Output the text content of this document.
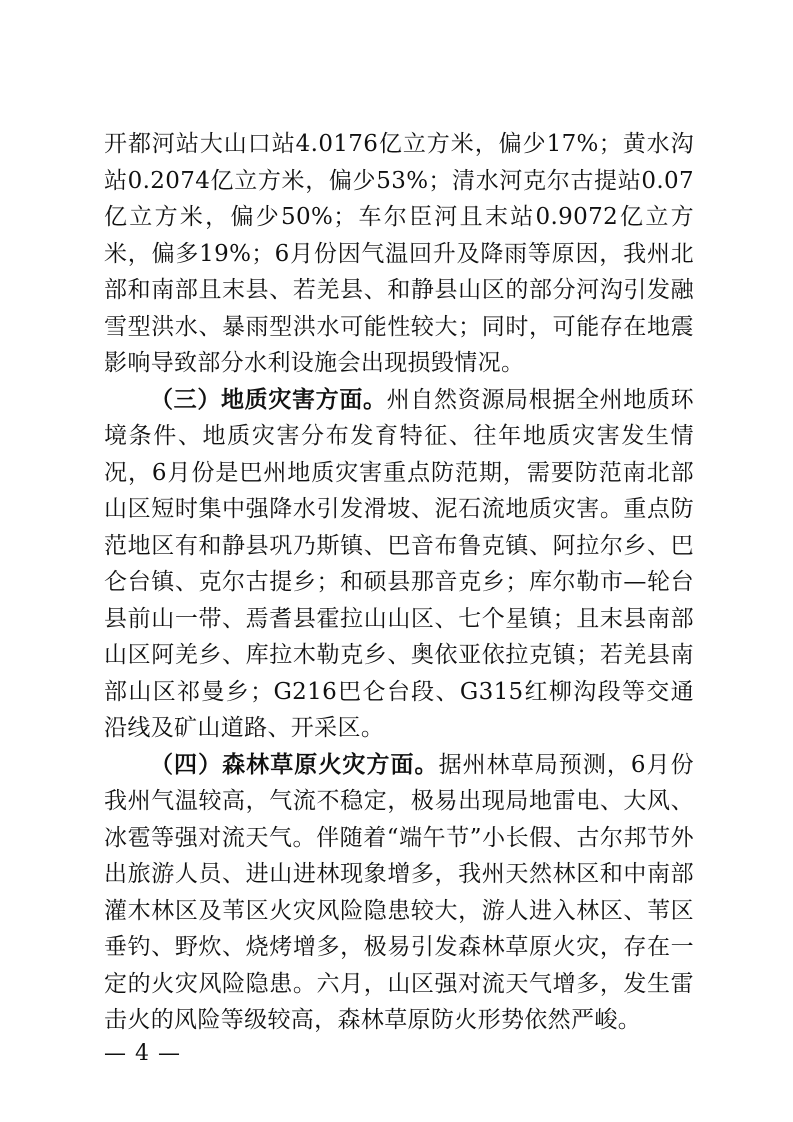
开都河站大山口站4.0176亿立方米，偏少17%；黄水沟站0.2074亿立方米，偏少53%；清水河克尔古提站0.07亿立方米，偏少50%；车尔臣河且末站0.9072亿立方米，偏多19%；6月份因气温回升及降雨等原因，我州北部和南部且末县、若羌县、和静县山区的部分河沟引发融雪型洪水、暴雨型洪水可能性较大；同时，可能存在地震影响导致部分水利设施会出现损毁情况。

（三）地质灾害方面。州自然资源局根据全州地质环境条件、地质灾害分布发育特征、往年地质灾害发生情况，6月份是巴州地质灾害重点防范期，需要防范南北部山区短时集中强降水引发滑坡、泥石流地质灾害。重点防范地区有和静县巩乃斯镇、巴音布鲁克镇、阿拉尔乡、巴仑台镇、克尔古提乡；和硕县那音克乡；库尔勒市—轮台县前山一带、焉耆县霍拉山山区、七个星镇；且末县南部山区阿羌乡、库拉木勒克乡、奥依亚依拉克镇；若羌县南部山区祁曼乡；G216巴仑台段、G315红柳沟段等交通沿线及矿山道路、开采区。

（四）森林草原火灾方面。据州林草局预测，6月份我州气温较高，气流不稳定，极易出现局地雷电、大风、冰雹等强对流天气。伴随着“端午节”小长假、古尔邦节外出旅游人员、进山进林现象增多，我州天然林区和中南部灌木林区及苇区火灾风险隐患较大，游人进入林区、苇区垂钓、野炊、烧烤增多，极易引发森林草原火灾，存在一定的火灾风险隐患。六月，山区强对流天气增多，发生雷击火的风险等级较高，森林草原防火形势依然严峻。

— 4 —
